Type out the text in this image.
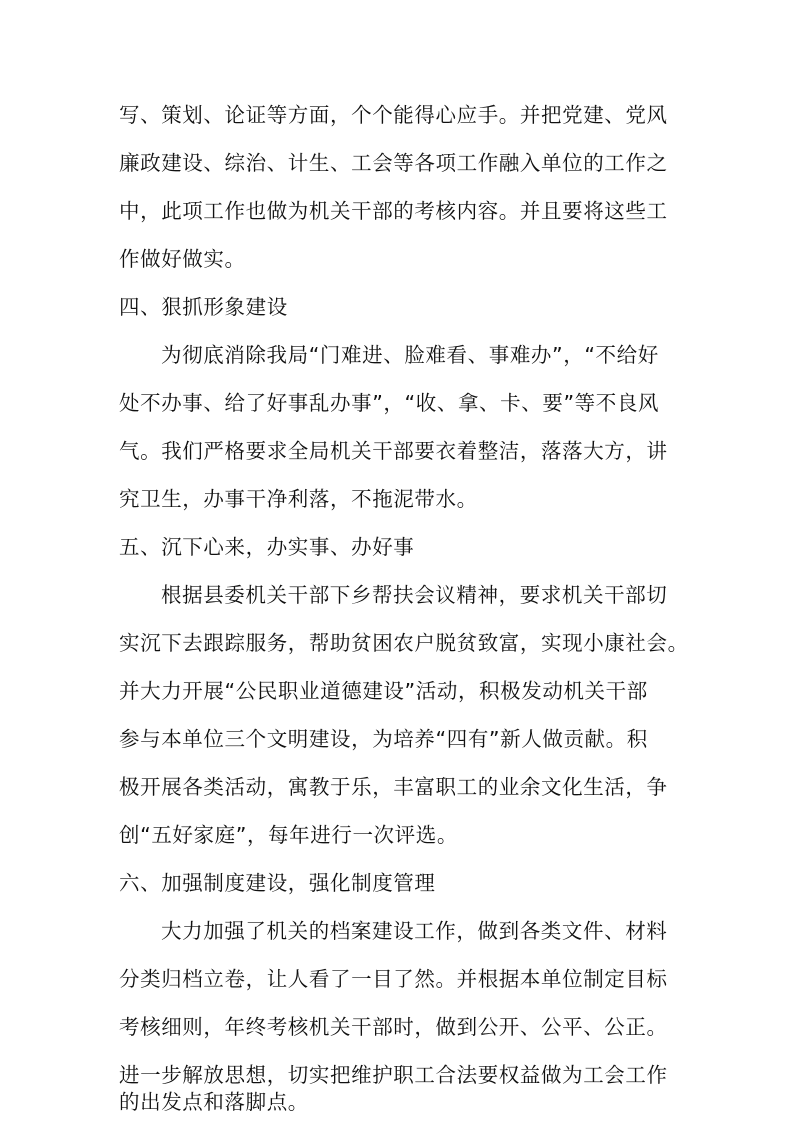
写、策划、论证等方面，个个能得心应手。并把党建、党风
廉政建设、综治、计生、工会等各项工作融入单位的工作之
中，此项工作也做为机关干部的考核内容。并且要将这些工
作做好做实。
四、狠抓形象建设
为彻底消除我局“门难进、脸难看、事难办”，“不给好
处不办事、给了好事乱办事”，“收、拿、卡、要”等不良风
气。我们严格要求全局机关干部要衣着整洁，落落大方，讲
究卫生，办事干净利落，不拖泥带水。
五、沉下心来，办实事、办好事
根据县委机关干部下乡帮扶会议精神，要求机关干部切
实沉下去跟踪服务，帮助贫困农户脱贫致富，实现小康社会。
并大力开展“公民职业道德建设”活动，积极发动机关干部
参与本单位三个文明建设，为培养“四有”新人做贡献。积
极开展各类活动，寓教于乐，丰富职工的业余文化生活，争
创“五好家庭”，每年进行一次评选。
六、加强制度建设，强化制度管理
大力加强了机关的档案建设工作，做到各类文件、材料
分类归档立卷，让人看了一目了然。并根据本单位制定目标
考核细则，年终考核机关干部时，做到公开、公平、公正。
进一步解放思想，切实把维护职工合法要权益做为工会工作
的出发点和落脚点。
